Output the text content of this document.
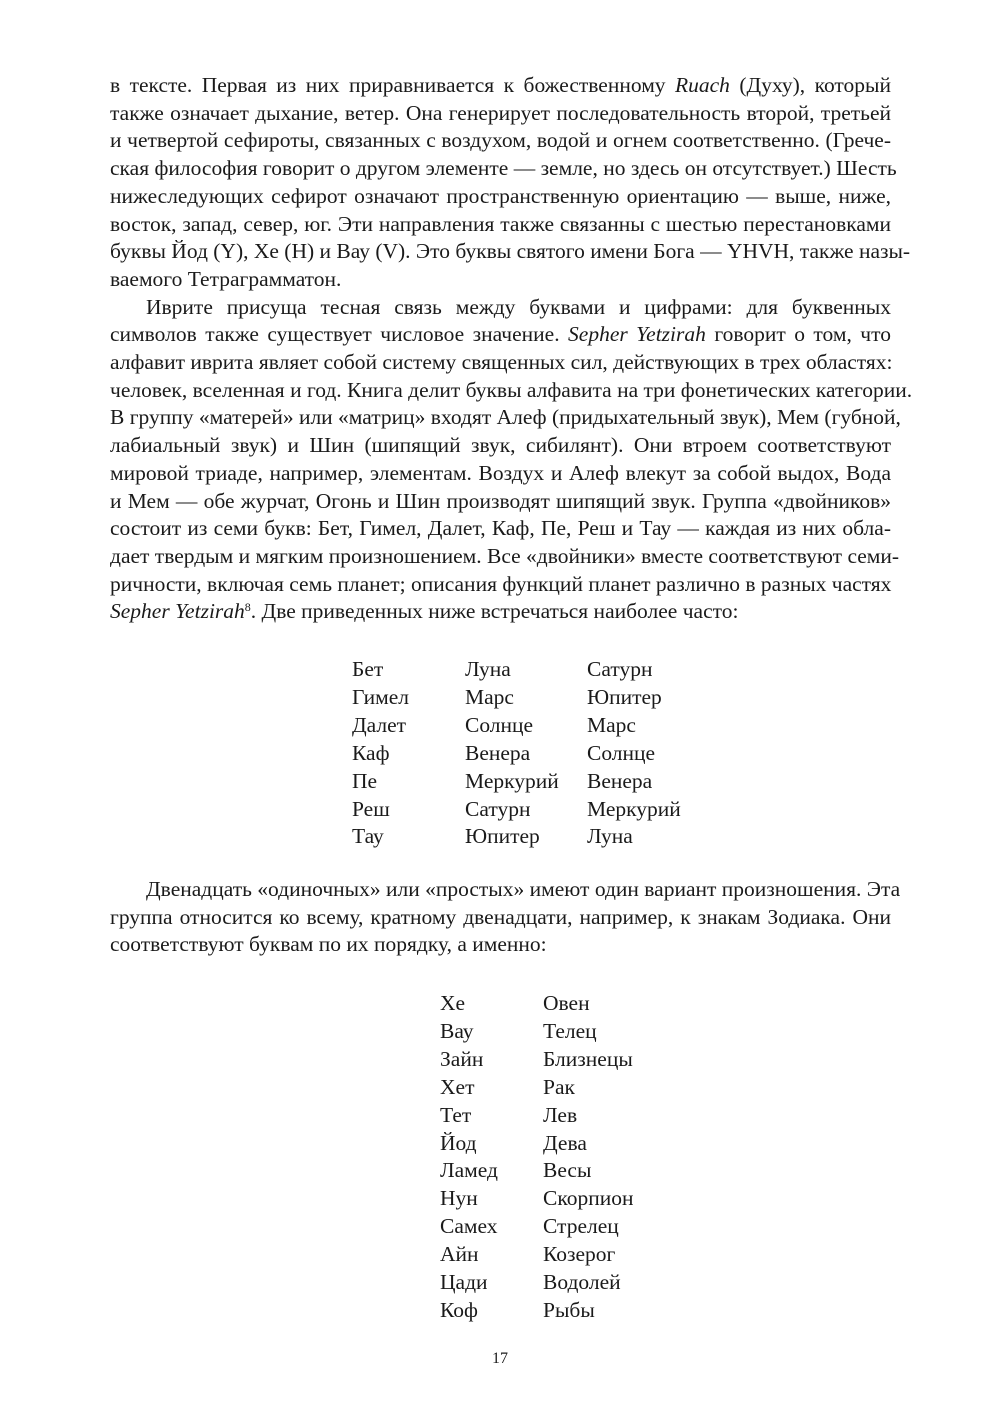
в тексте. Первая из них приравнивается к божественному Ruach (Духу), который
также означает дыхание, ветер. Она генерирует последовательность второй, третьей
и четвертой сефироты, связанных с воздухом, водой и огнем соответственно. (Грече-
ская философия говорит о другом элементе — земле, но здесь он отсутствует.) Шесть
нижеследующих сефирот означают пространственную ориентацию — выше, ниже,
восток, запад, север, юг. Эти направления также связанны с шестью перестановками
буквы Йод (Y), Хе (H) и Вау (V). Это буквы святого имени Бога — YHVH, также назы-
ваемого Тетраграмматон.
Иврите присуща тесная связь между буквами и цифрами: для буквенных
символов также существует числовое значение. Sepher Yetzirah говорит о том, что
алфавит иврита являет собой систему священных сил, действующих в трех областях:
человек, вселенная и год. Книга делит буквы алфавита на три фонетических категории.
В группу «матерей» или «матриц» входят Алеф (придыхательный звук), Мем (губной,
лабиальный звук) и Шин (шипящий звук, сибилянт). Они втроем соответствуют
мировой триаде, например, элементам. Воздух и Алеф влекут за собой выдох, Вода
и Мем — обе журчат, Огонь и Шин производят шипящий звук. Группа «двойников»
состоит из семи букв: Бет, Гимел, Далет, Каф, Пе, Реш и Тау — каждая из них обла-
дает твердым и мягким произношением. Все «двойники» вместе соответствуют семи-
ричности, включая семь планет; описания функций планет различно в разных частях
Sepher Yetzirah$^8$. Две приведенных ниже встречаться наиболее часто:
Бет	Луна	Сатурн
Гимел	Марс	Юпитер
Далет	Солнце	Марс
Каф	Венера	Солнце
Пе	Меркурий	Венера
Реш	Сатурн	Меркурий
Тау	Юпитер	Луна
Двенадцать «одиночных» или «простых» имеют один вариант произношения. Эта
группа относится ко всему, кратному двенадцати, например, к знакам Зодиака. Они
соответствуют буквам по их порядку, а именно:
Хе	Овен
Вау	Телец
Зайн	Близнецы
Хет	Рак
Тет	Лев
Йод	Дева
Ламед	Весы
Нун	Скорпион
Самех	Стрелец
Айн	Козерог
Цади	Водолей
Коф	Рыбы
17
